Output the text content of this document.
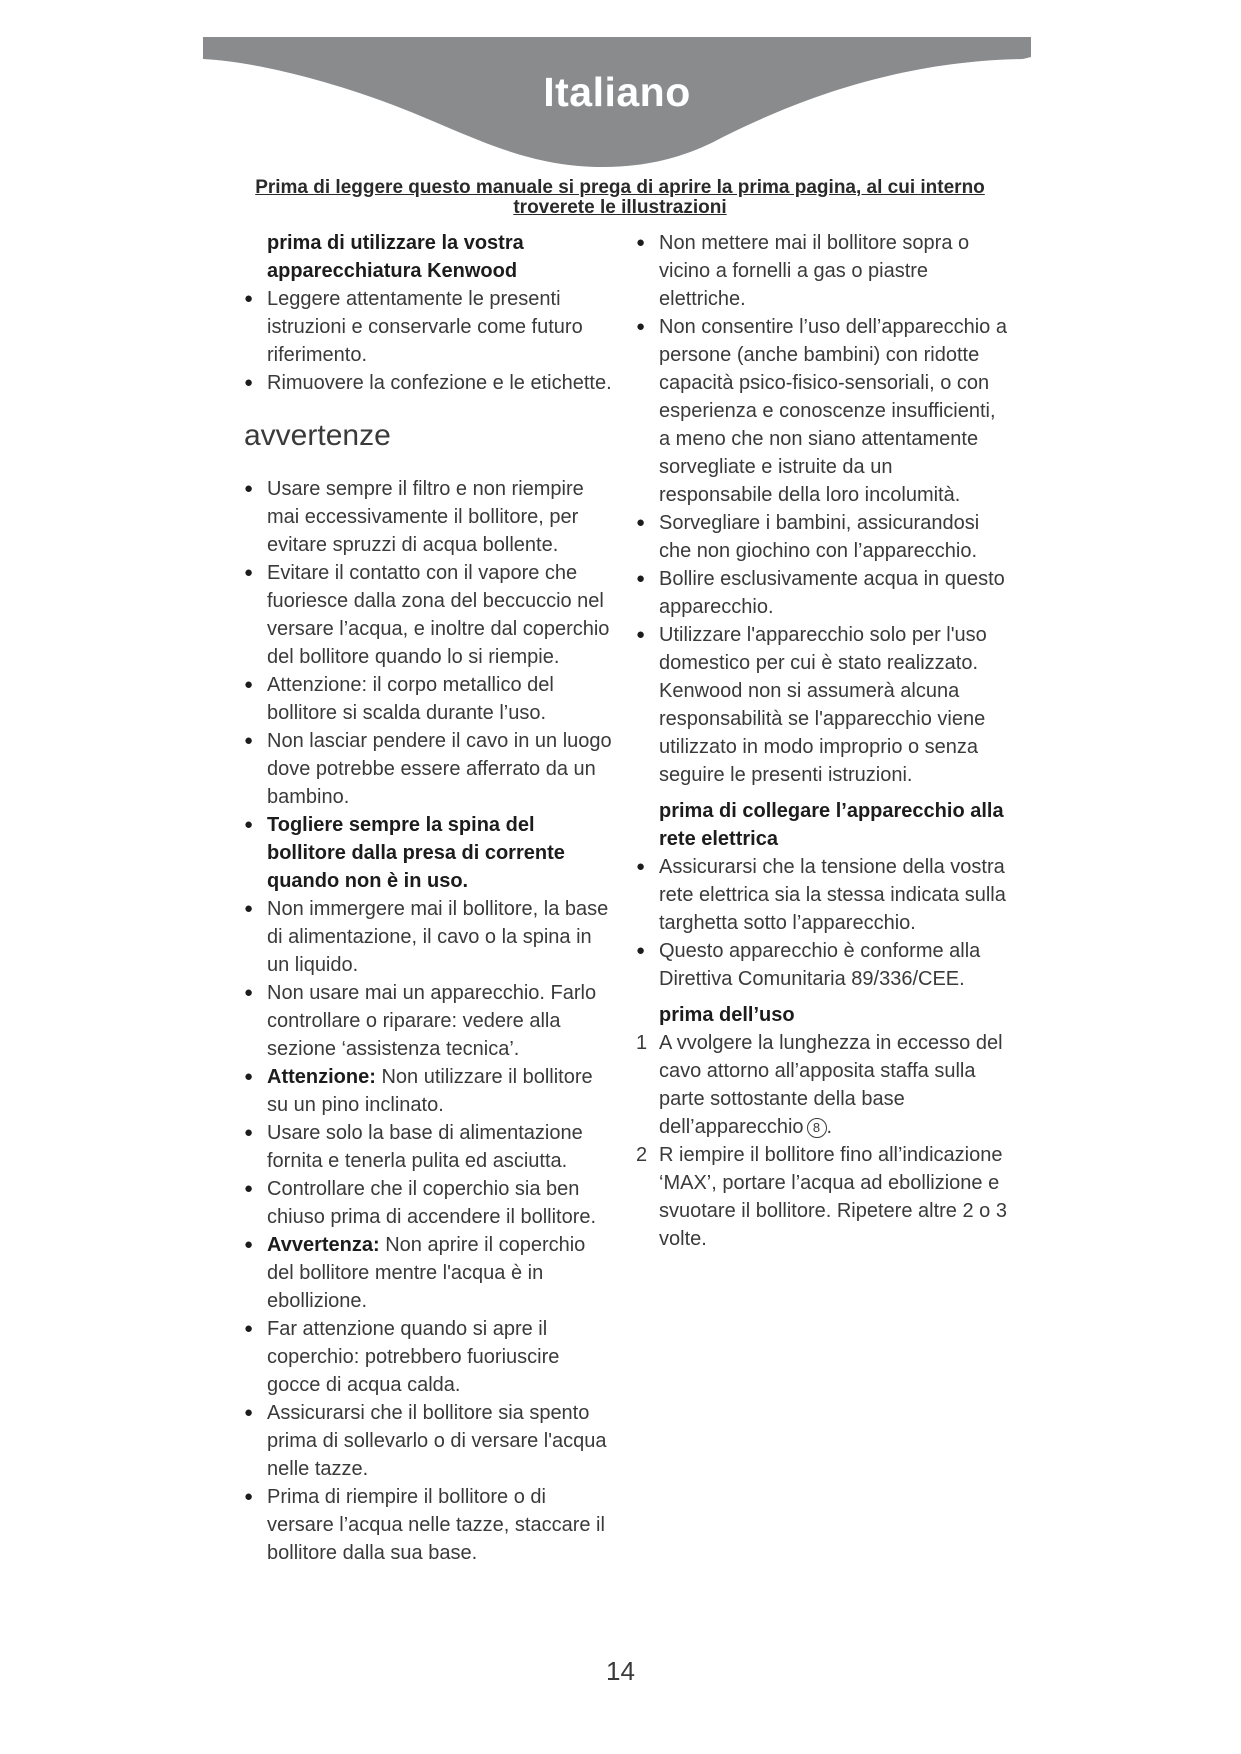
Italiano
Prima di leggere questo manuale si prega di aprire la prima pagina, al cui interno troverete le illustrazioni
prima di utilizzare la vostra apparecchiatura Kenwood
● Leggere attentamente le presenti istruzioni e conservarle come futuro riferimento.
● Rimuovere la confezione e le etichette.
avvertenze
● Usare sempre il filtro e non riempire mai eccessivamente il bollitore, per evitare spruzzi di acqua bollente.
● Evitare il contatto con il vapore che fuoriesce dalla zona del beccuccio nel versare l’acqua, e inoltre dal coperchio del bollitore quando lo si riempie.
● Attenzione: il corpo metallico del bollitore si scalda durante l’uso.
● Non lasciar pendere il cavo in un luogo dove potrebbe essere afferrato da un bambino.
● Togliere sempre la spina del bollitore dalla presa di corrente quando non è in uso.
● Non immergere mai il bollitore, la base di alimentazione, il cavo o la spina in un liquido.
● Non usare mai un apparecchio. Farlo controllare o riparare: vedere alla sezione ‘assistenza tecnica’.
● Attenzione: Non utilizzare il bollitore su un pino inclinato.
● Usare solo la base di alimentazione fornita e tenerla pulita ed asciutta.
● Controllare che il coperchio sia ben chiuso prima di accendere il bollitore.
● Avvertenza: Non aprire il coperchio del bollitore mentre l'acqua è in ebollizione.
● Far attenzione quando si apre il coperchio: potrebbero fuoriuscire gocce di acqua calda.
● Assicurarsi che il bollitore sia spento prima di sollevarlo o di versare l'acqua nelle tazze.
● Prima di riempire il bollitore o di versare l’acqua nelle tazze, staccare il bollitore dalla sua base.
● Non mettere mai il bollitore sopra o vicino a fornelli a gas o piastre elettriche.
● Non consentire l’uso dell’apparecchio a persone (anche bambini) con ridotte capacità psico-fisico-sensoriali, o con esperienza e conoscenze insufficienti, a meno che non siano attentamente sorvegliate e istruite da un responsabile della loro incolumità.
● Sorvegliare i bambini, assicurandosi che non giochino con l’apparecchio.
● Bollire esclusivamente acqua in questo apparecchio.
● Utilizzare l'apparecchio solo per l'uso domestico per cui è stato realizzato. Kenwood non si assumerà alcuna responsabilità se l'apparecchio viene utilizzato in modo improprio o senza seguire le presenti istruzioni.
prima di collegare l’apparecchio alla rete elettrica
● Assicurarsi che la tensione della vostra rete elettrica sia la stessa indicata sulla targhetta sotto l’apparecchio.
● Questo apparecchio è conforme alla Direttiva Comunitaria 89/336/CEE.
prima dell’uso
1 A vvolgere la lunghezza in eccesso del cavo attorno all’apposita staffa sulla parte sottostante della base dell’apparecchio 8 .
2 R iempire il bollitore fino all’indicazione ‘MAX’, portare l’acqua ad ebollizione e svuotare il bollitore. Ripetere altre 2 o 3 volte.
14
